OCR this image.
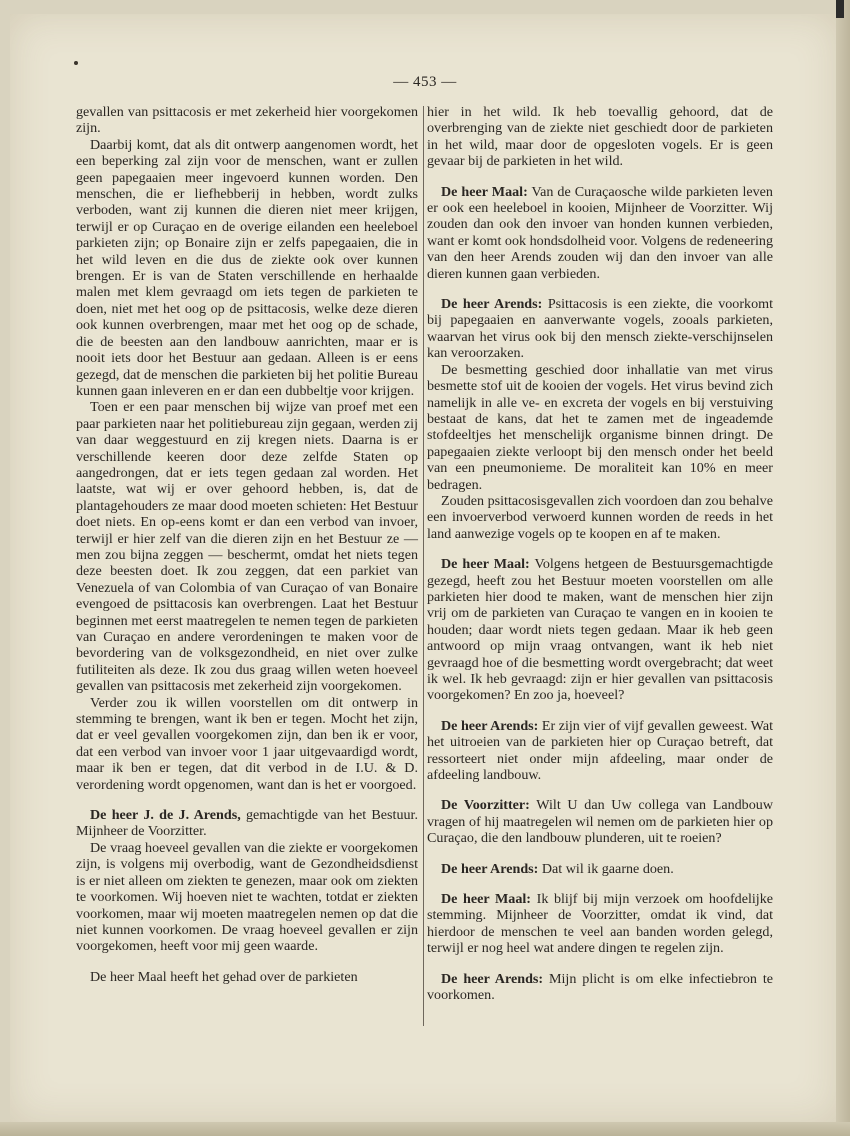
— 453 —

gevallen van psittacosis er met zekerheid hier voorgekomen zijn.

Daarbij komt, dat als dit ontwerp aangenomen wordt, het een beperking zal zijn voor de menschen, want er zullen geen papegaaien meer ingevoerd kunnen worden. Den menschen, die er liefhebberij in hebben, wordt zulks verboden, want zij kunnen die dieren niet meer krijgen, terwijl er op Curaçao en de overige eilanden een heeleboel parkieten zijn; op Bonaire zijn er zelfs papegaaien, die in het wild leven en die dus de ziekte ook over kunnen brengen. Er is van de Staten verschillende en herhaalde malen met klem gevraagd om iets tegen de parkieten te doen, niet met het oog op de psittacosis, welke deze dieren ook kunnen overbrengen, maar met het oog op de schade, die de beesten aan den landbouw aanrichten, maar er is nooit iets door het Bestuur aan gedaan. Alleen is er eens gezegd, dat de menschen die parkieten bij het politie Bureau kunnen gaan inleveren en er dan een dubbeltje voor krijgen.

Toen er een paar menschen bij wijze van proef met een paar parkieten naar het politiebureau zijn gegaan, werden zij van daar weggestuurd en zij kregen niets. Daarna is er verschillende keeren door deze zelfde Staten op aangedrongen, dat er iets tegen gedaan zal worden. Het laatste, wat wij er over gehoord hebben, is, dat de plantagehouders ze maar dood moeten schieten: Het Bestuur doet niets. En op-eens komt er dan een verbod van invoer, terwijl er hier zelf van die dieren zijn en het Bestuur ze — men zou bijna zeggen — beschermt, omdat het niets tegen deze beesten doet. Ik zou zeggen, dat een parkiet van Venezuela of van Colombia of van Curaçao of van Bonaire evengoed de psittacosis kan overbrengen. Laat het Bestuur beginnen met eerst maatregelen te nemen tegen de parkieten van Curaçao en andere verordeningen te maken voor de bevordering van de volksgezondheid, en niet over zulke futiliteiten als deze. Ik zou dus graag willen weten hoeveel gevallen van psittacosis met zekerheid zijn voorgekomen.

Verder zou ik willen voorstellen om dit ontwerp in stemming te brengen, want ik ben er tegen. Mocht het zijn, dat er veel gevallen voorgekomen zijn, dan ben ik er voor, dat een verbod van invoer voor 1 jaar uitgevaardigd wordt, maar ik ben er tegen, dat dit verbod in de I.U. & D. verordening wordt opgenomen, want dan is het er voorgoed.

De heer J. de J. Arends, gemachtigde van het Bestuur. Mijnheer de Voorzitter.

De vraag hoeveel gevallen van die ziekte er voorgekomen zijn, is volgens mij overbodig, want de Gezondheidsdienst is er niet alleen om ziekten te genezen, maar ook om ziekten te voorkomen. Wij hoeven niet te wachten, totdat er ziekten voorkomen, maar wij moeten maatregelen nemen op dat die niet kunnen voorkomen. De vraag hoeveel gevallen er zijn voorgekomen, heeft voor mij geen waarde.

De heer Maal heeft het gehad over de parkieten

hier in het wild. Ik heb toevallig gehoord, dat de overbrenging van de ziekte niet geschiedt door de parkieten in het wild, maar door de opgesloten vogels. Er is geen gevaar bij de parkieten in het wild.

De heer Maal: Van de Curaçaosche wilde parkieten leven er ook een heeleboel in kooien, Mijnheer de Voorzitter. Wij zouden dan ook den invoer van honden kunnen verbieden, want er komt ook hondsdolheid voor. Volgens de redeneering van den heer Arends zouden wij dan den invoer van alle dieren kunnen gaan verbieden.

De heer Arends: Psittacosis is een ziekte, die voorkomt bij papegaaien en aanverwante vogels, zooals parkieten, waarvan het virus ook bij den mensch ziekte-verschijnselen kan veroorzaken.

De besmetting geschied door inhallatie van met virus besmette stof uit de kooien der vogels. Het virus bevind zich namelijk in alle ve- en excreta der vogels en bij verstuiving bestaat de kans, dat het te zamen met de ingeademde stofdeeltjes het menschelijk organisme binnen dringt. De papegaaien ziekte verloopt bij den mensch onder het beeld van een pneumonieme. De moraliteit kan 10% en meer bedragen.

Zouden psittacosisgevallen zich voordoen dan zou behalve een invoerverbod verwoerd kunnen worden de reeds in het land aanwezige vogels op te koopen en af te maken.

De heer Maal: Volgens hetgeen de Bestuursgemachtigde gezegd, heeft zou het Bestuur moeten voorstellen om alle parkieten hier dood te maken, want de menschen hier zijn vrij om de parkieten van Curaçao te vangen en in kooien te houden; daar wordt niets tegen gedaan. Maar ik heb geen antwoord op mijn vraag ontvangen, want ik heb niet gevraagd hoe of die besmetting wordt overgebracht; dat weet ik wel. Ik heb gevraagd: zijn er hier gevallen van psittacosis voorgekomen? En zoo ja, hoeveel?

De heer Arends: Er zijn vier of vijf gevallen geweest. Wat het uitroeien van de parkieten hier op Curaçao betreft, dat ressorteert niet onder mijn afdeeling, maar onder de afdeeling landbouw.

De Voorzitter: Wilt U dan Uw collega van Landbouw vragen of hij maatregelen wil nemen om de parkieten hier op Curaçao, die den landbouw plunderen, uit te roeien?

De heer Arends: Dat wil ik gaarne doen.

De heer Maal: Ik blijf bij mijn verzoek om hoofdelijke stemming. Mijnheer de Voorzitter, omdat ik vind, dat hierdoor de menschen te veel aan banden worden gelegd, terwijl er nog heel wat andere dingen te regelen zijn.

De heer Arends: Mijn plicht is om elke infectiebron te voorkomen.
